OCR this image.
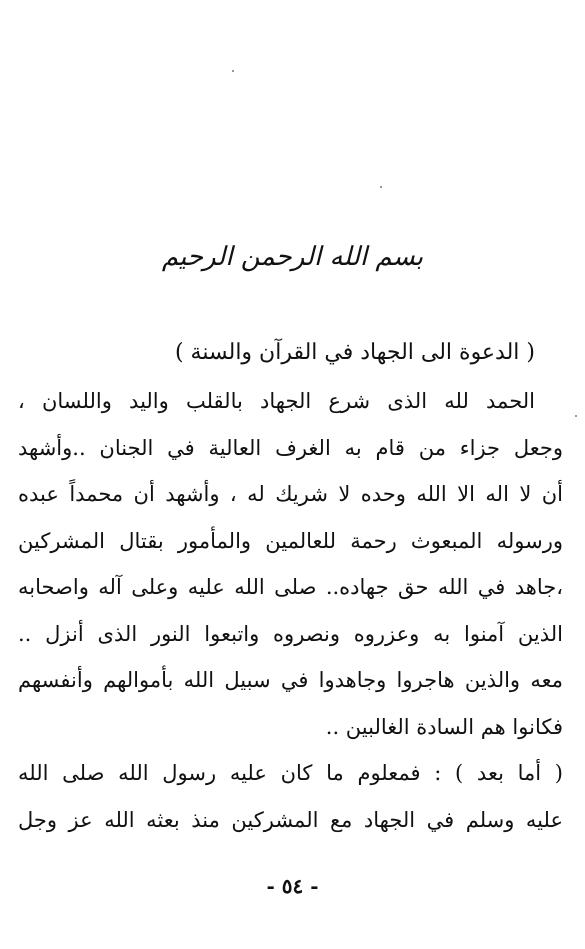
بسم الله الرحمن الرحيم
( الدعوة الى الجهاد في القرآن والسنة )
الحمد لله الذى شرع الجهاد بالقلب واليد واللسان ،
وجعل جزاء من قام به الغرف العالية في الجنان ..وأشهد
أن لا اله الا الله وحده لا شريك له ، وأشهد أن محمداً عبده
ورسوله المبعوث رحمة للعالمين والمأمور بقتال المشركين
،جاهد في الله حق جهاده.. صلى الله عليه وعلى آله واصحابه
الذين آمنوا به وعزروه ونصروه واتبعوا النور الذى أنزل ..
معه والذين هاجروا وجاهدوا في سبيل الله بأموالهم وأنفسهم
فكانوا هم السادة الغالبين ..
( أما بعد ) : فمعلوم ما كان عليه رسول الله صلى الله
عليه وسلم في الجهاد مع المشركين منذ بعثه الله عز وجل
- ٥٤ -
